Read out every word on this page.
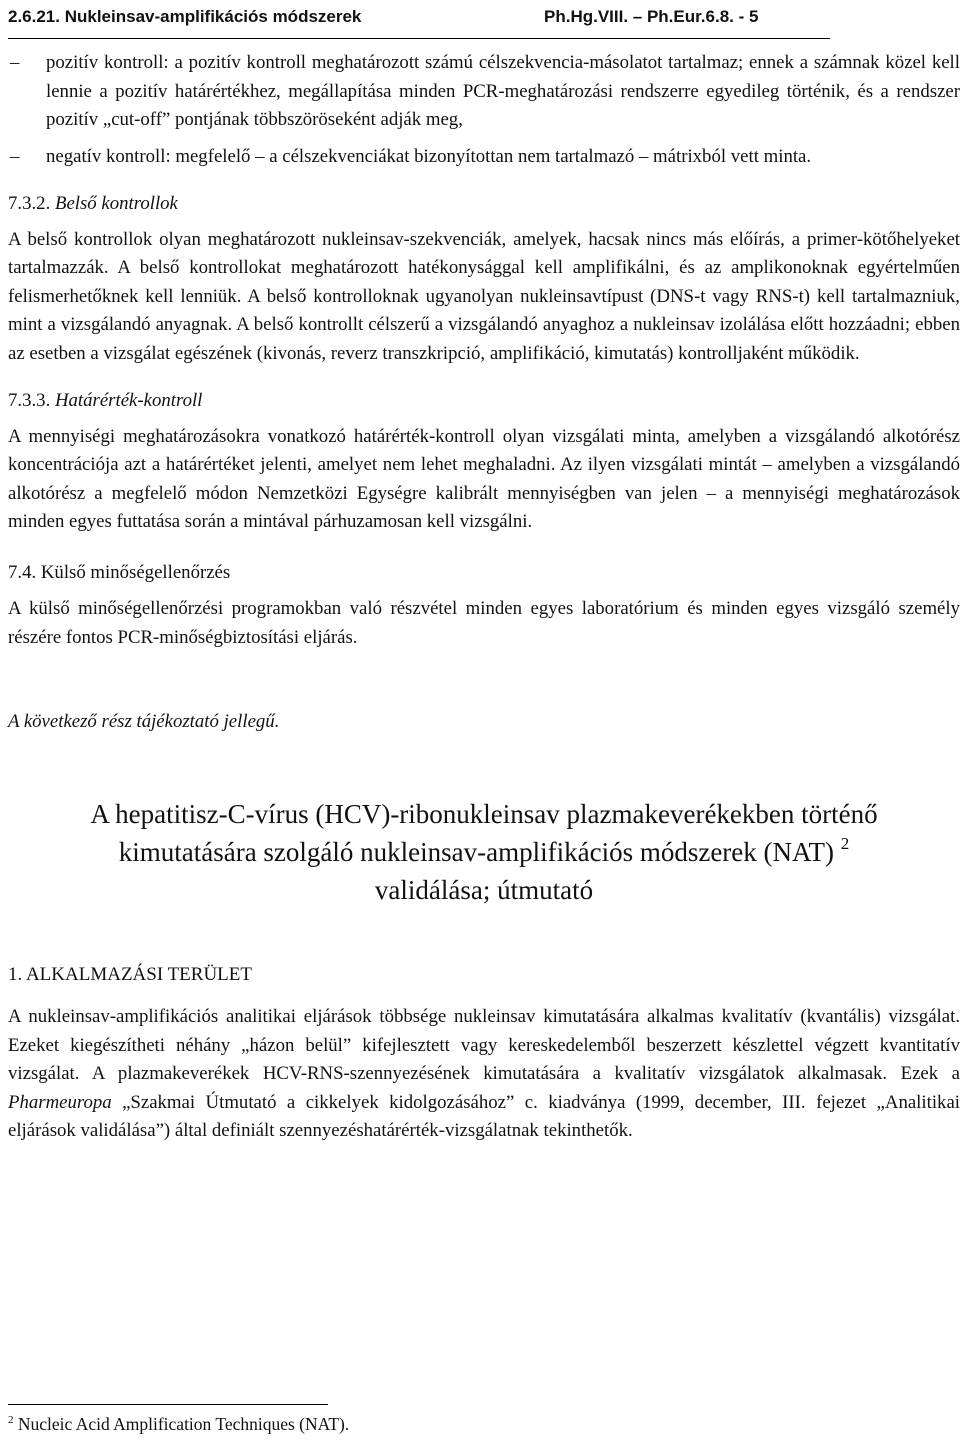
2.6.21. Nukleinsav-amplifikációs módszerek	Ph.Hg.VIII. – Ph.Eur.6.8. - 5
– pozitív kontroll: a pozitív kontroll meghatározott számú célszekvencia-másolatot tartalmaz; ennek a számnak közel kell lennie a pozitív határértékhez, megállapítása minden PCR-meghatározási rendszerre egyedileg történik, és a rendszer pozitív „cut-off” pontjának többszöröseként adják meg,
– negatív kontroll: megfelelő – a célszekvenciákat bizonyítottan nem tartalmazó – mátrixból vett minta.
7.3.2. Belső kontrollok

A belső kontrollok olyan meghatározott nukleinsav-szekvenciák, amelyek, hacsak nincs más előírás, a primer-kötőhelyeket tartalmazzák. A belső kontrollokat meghatározott hatékonysággal kell amplifikálni, és az amplikonoknak egyértelműen felismerhetőknek kell lenniük. A belső kontrolloknak ugyanolyan nukleinsavtípust (DNS-t vagy RNS-t) kell tartalmazniuk, mint a vizsgálandó anyagnak. A belső kontrollt célszerű a vizsgálandó anyaghoz a nukleinsav izolálása előtt hozzáadni; ebben az esetben a vizsgálat egészének (kivonás, reverz transzkripció, amplifikáció, kimutatás) kontrolljaként működik.

7.3.3. Határérték-kontroll

A mennyiségi meghatározásokra vonatkozó határérték-kontroll olyan vizsgálati minta, amelyben a vizsgálandó alkotórész koncentrációja azt a határértéket jelenti, amelyet nem lehet meghaladni. Az ilyen vizsgálati mintát – amelyben a vizsgálandó alkotórész a megfelelő módon Nemzetközi Egységre kalibrált mennyiségben van jelen – a mennyiségi meghatározások minden egyes futtatása során a mintával párhuzamosan kell vizsgálni.

7.4. Külső minőségellenőrzés

A külső minőségellenőrzési programokban való részvétel minden egyes laboratórium és minden egyes vizsgáló személy részére fontos PCR-minőségbiztosítási eljárás.

A következő rész tájékoztató jellegű.

A hepatitisz-C-vírus (HCV)-ribonukleinsav plazmakeverékekben történő
kimutatására szolgáló nukleinsav-amplifikációs módszerek (NAT) $^2$
validálása; útmutató
1. ALKALMAZÁSI TERÜLET

A nukleinsav-amplifikációs analitikai eljárások többsége nukleinsav kimutatására alkalmas kvalitatív (kvantális) vizsgálat. Ezeket kiegészítheti néhány „házon belül” kifejlesztett vagy kereskedelemből beszerzett készlettel végzett kvantitatív vizsgálat. A plazmakeverékek HCV-RNS-szennyezésének kimutatására a kvalitatív vizsgálatok alkalmasak. Ezek a Pharmeuropa „Szakmai Útmutató a cikkelyek kidolgozásához” c. kiadványa (1999, december, III. fejezet „Analitikai eljárások validálása”) által definiált szennyezéshatárérték-vizsgálatnak tekinthetők.

$^2$ Nucleic Acid Amplification Techniques (NAT).
